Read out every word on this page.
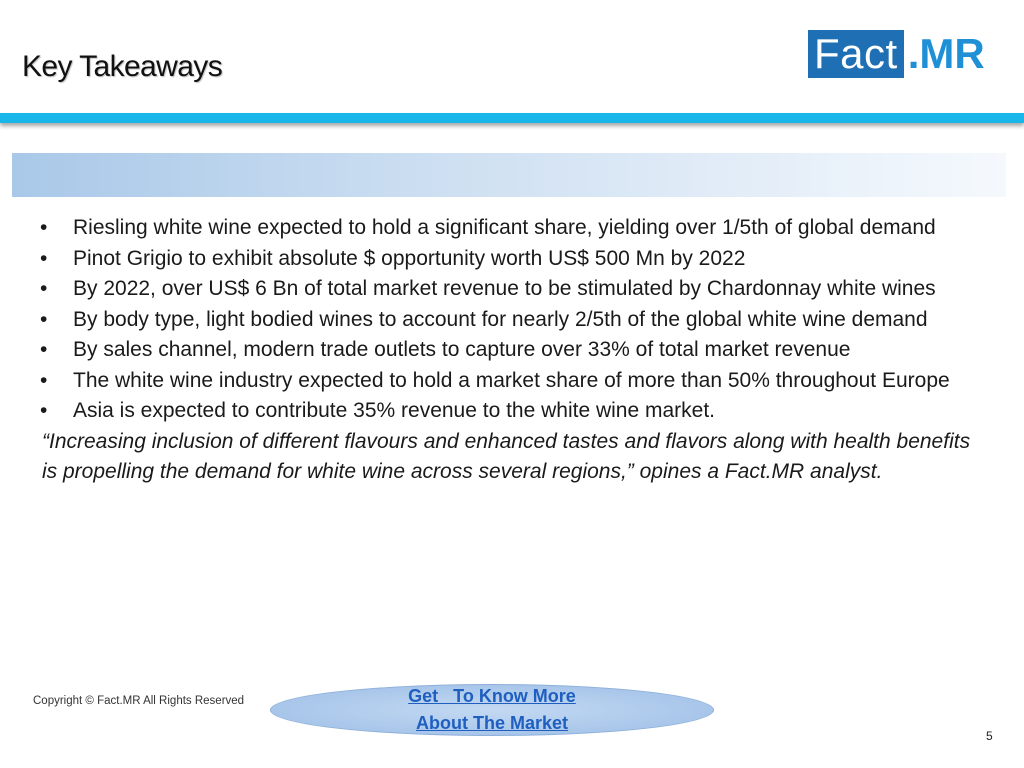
Key Takeaways	Fact .MR
• Riesling white wine expected to hold a significant share, yielding over 1/5th of global demand
• Pinot Grigio to exhibit absolute $ opportunity worth US$ 500 Mn by 2022
• By 2022, over US$ 6 Bn of total market revenue to be stimulated by Chardonnay white wines
• By body type, light bodied wines to account for nearly 2/5th of the global white wine demand
• By sales channel, modern trade outlets to capture over 33% of total market revenue
• The white wine industry expected to hold a market share of more than 50% throughout Europe
• Asia is expected to contribute 35% revenue to the white wine market.

“Increasing inclusion of different flavours and enhanced tastes and flavors along with health benefits is propelling the demand for white wine across several regions,” opines a Fact.MR analyst.

Copyright © Fact.MR All Rights Reserved	Get   To Know More
About The Market
5
